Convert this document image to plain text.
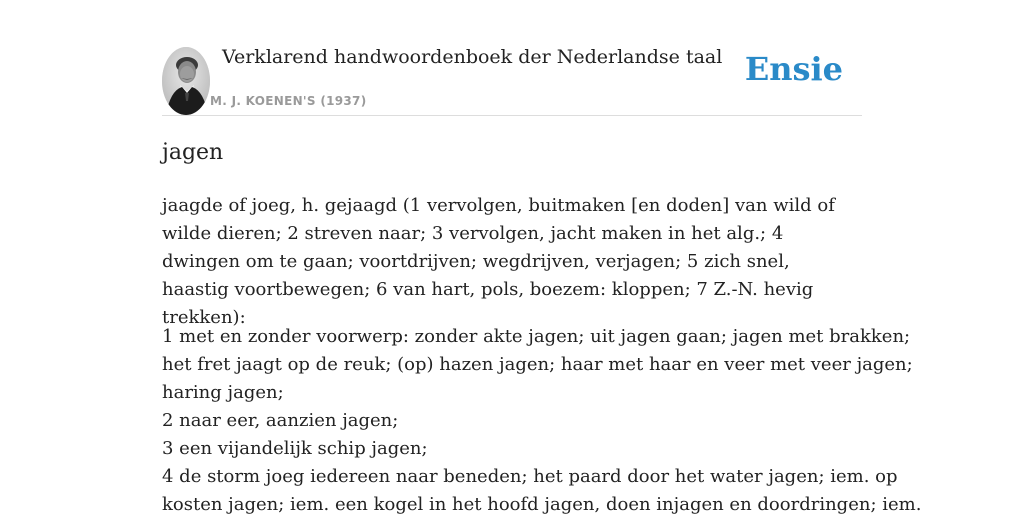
Verklarend handwoordenboek der Nederlandse taal
M. J. KOENEN'S (1937)
Ensie
jagen

jaagde of joeg, h. gejaagd (1 vervolgen, buitmaken [en doden] van wild of wilde dieren; 2 streven naar; 3 vervolgen, jacht maken in het alg.; 4 dwingen om te gaan; voortdrijven; wegdrijven, verjagen; 5 zich snel, haastig voortbewegen; 6 van hart, pols, boezem: kloppen; 7 Z.-N. hevig trekken):

1 met en zonder voorwerp: zonder akte jagen; uit jagen gaan; jagen met brakken;
het fret jaagt op de reuk; (op) hazen jagen; haar met haar en veer met veer jagen;
haring jagen;
2 naar eer, aanzien jagen;
3 een vijandelijk schip jagen;
4 de storm joeg iedereen naar beneden; het paard door het water jagen; iem. op
kosten jagen; iem. een kogel in het hoofd jagen, doen injagen en doordringen; iem.
